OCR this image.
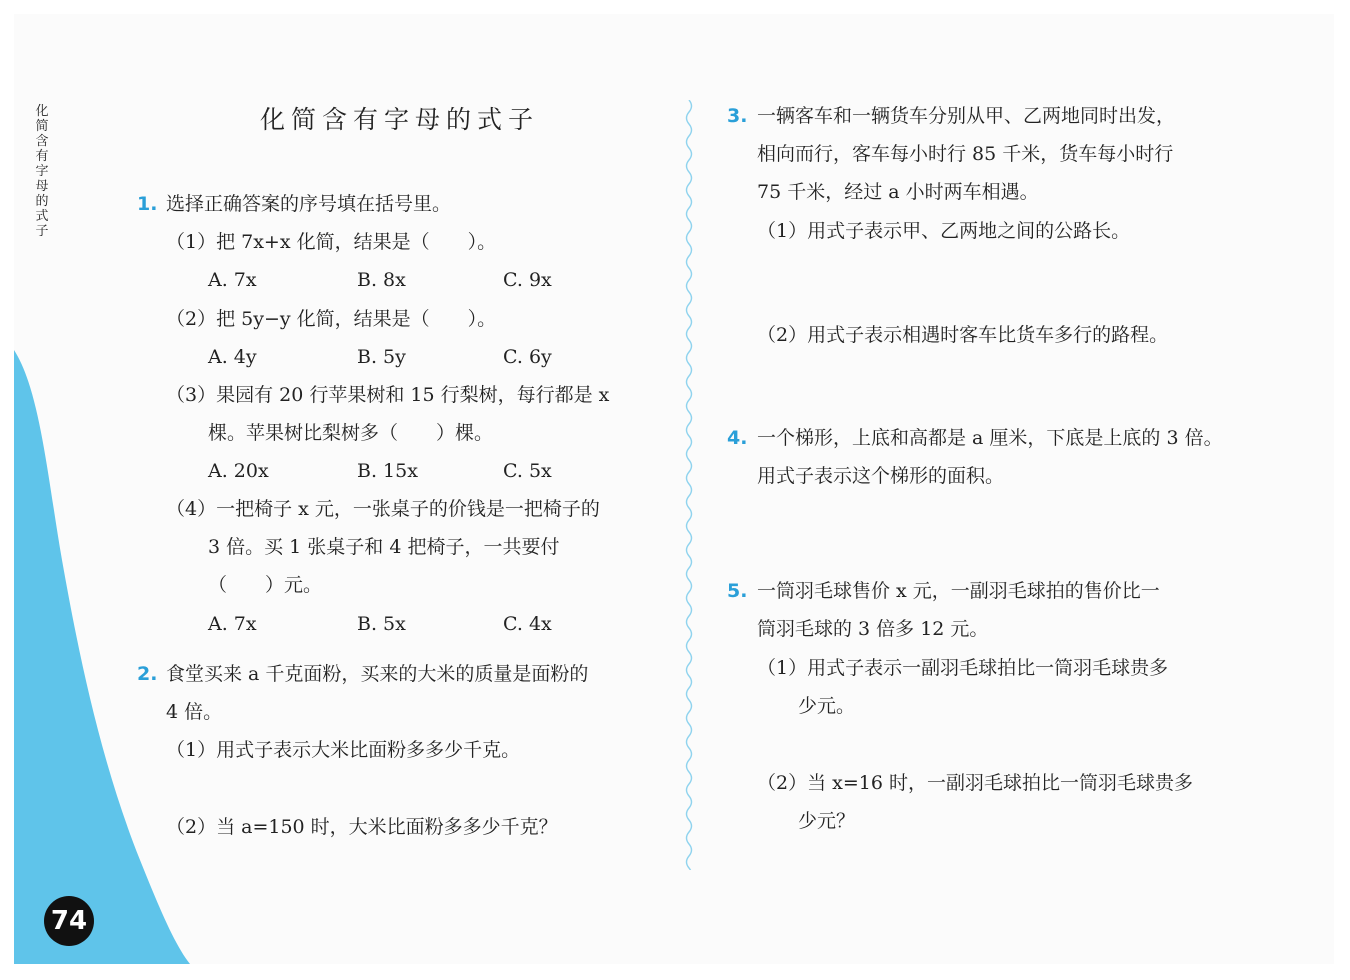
化简含有字母的式子
74
化简含有字母的式子
1. 选择正确答案的序号填在括号里。
（1）把 7x+x 化简，结果是（　　）。
A. 7x	B. 8x	C. 9x
（2）把 5y−y 化简，结果是（　　）。
A. 4y	B. 5y	C. 6y
（3）果园有 20 行苹果树和 15 行梨树，每行都是 x
棵。苹果树比梨树多（　　）棵。
A. 20x	B. 15x	C. 5x
（4）一把椅子 x 元，一张桌子的价钱是一把椅子的
3 倍。买 1 张桌子和 4 把椅子，一共要付
（　　）元。
A. 7x	B. 5x	C. 4x
2. 食堂买来 a 千克面粉，买来的大米的质量是面粉的
4 倍。
（1）用式子表示大米比面粉多多少千克。
（2）当 a=150 时，大米比面粉多多少千克？
3. 一辆客车和一辆货车分别从甲、乙两地同时出发，
相向而行，客车每小时行 85 千米，货车每小时行
75 千米，经过 a 小时两车相遇。
（1）用式子表示甲、乙两地之间的公路长。
（2）用式子表示相遇时客车比货车多行的路程。
4. 一个梯形，上底和高都是 a 厘米，下底是上底的 3 倍。
用式子表示这个梯形的面积。
5. 一筒羽毛球售价 x 元，一副羽毛球拍的售价比一
筒羽毛球的 3 倍多 12 元。
（1）用式子表示一副羽毛球拍比一筒羽毛球贵多
少元。
（2）当 x=16 时，一副羽毛球拍比一筒羽毛球贵多
少元？
